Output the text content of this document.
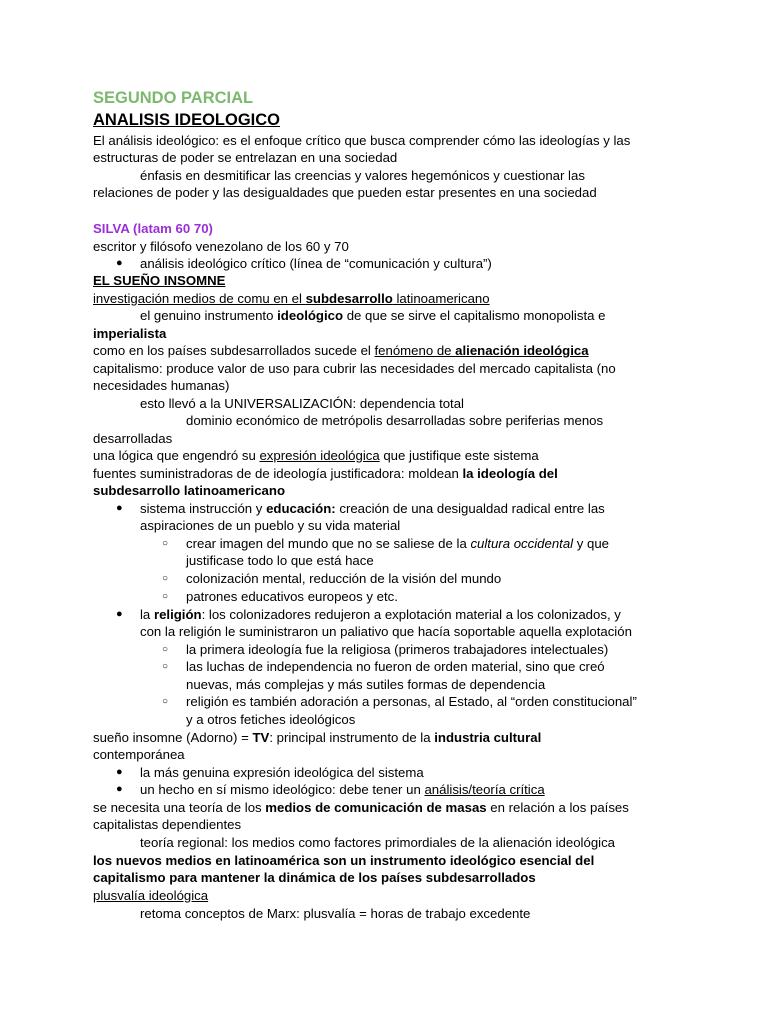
SEGUNDO PARCIAL
ANALISIS IDEOLOGICO
El análisis ideológico: es el enfoque crítico que busca comprender cómo las ideologías y las
estructuras de poder se entrelazan en una sociedad
énfasis en desmitificar las creencias y valores hegemónicos y cuestionar las
relaciones de poder y las desigualdades que pueden estar presentes en una sociedad
SILVA (latam 60 70)
escritor y filósofo venezolano de los 60 y 70
● análisis ideológico crítico (línea de “comunicación y cultura”)
EL SUEÑO INSOMNE
investigación medios de comu en el subdesarrollo latinoamericano
el genuino instrumento ideológico de que se sirve el capitalismo monopolista e
imperialista
como en los países subdesarrollados sucede el fenómeno de alienación ideológica
capitalismo: produce valor de uso para cubrir las necesidades del mercado capitalista (no
necesidades humanas)
esto llevó a la UNIVERSALIZACIÓN: dependencia total
dominio económico de metrópolis desarrolladas sobre periferias menos
desarrolladas
una lógica que engendró su expresión ideológica que justifique este sistema
fuentes suministradoras de de ideología justificadora: moldean la ideología del
subdesarrollo latinoamericano
● sistema instrucción y educación: creación de una desigualdad radical entre las
aspiraciones de un pueblo y su vida material
○ crear imagen del mundo que no se saliese de la cultura occidental y que
justificase todo lo que está hace
○ colonización mental, reducción de la visión del mundo
○ patrones educativos europeos y etc.
● la religión: los colonizadores redujeron a explotación material a los colonizados, y
con la religión le suministraron un paliativo que hacía soportable aquella explotación
○ la primera ideología fue la religiosa (primeros trabajadores intelectuales)
○ las luchas de independencia no fueron de orden material, sino que creó
nuevas, más complejas y más sutiles formas de dependencia
○ religión es también adoración a personas, al Estado, al “orden constitucional”
y a otros fetiches ideológicos
sueño insomne (Adorno) = TV: principal instrumento de la industria cultural
contemporánea
● la más genuina expresión ideológica del sistema
● un hecho en sí mismo ideológico: debe tener un análisis/teoría crítica
se necesita una teoría de los medios de comunicación de masas en relación a los países
capitalistas dependientes
teoría regional: los medios como factores primordiales de la alienación ideológica
los nuevos medios en latinoamérica son un instrumento ideológico esencial del
capitalismo para mantener la dinámica de los países subdesarrollados
plusvalía ideológica
retoma conceptos de Marx: plusvalía = horas de trabajo excedente
